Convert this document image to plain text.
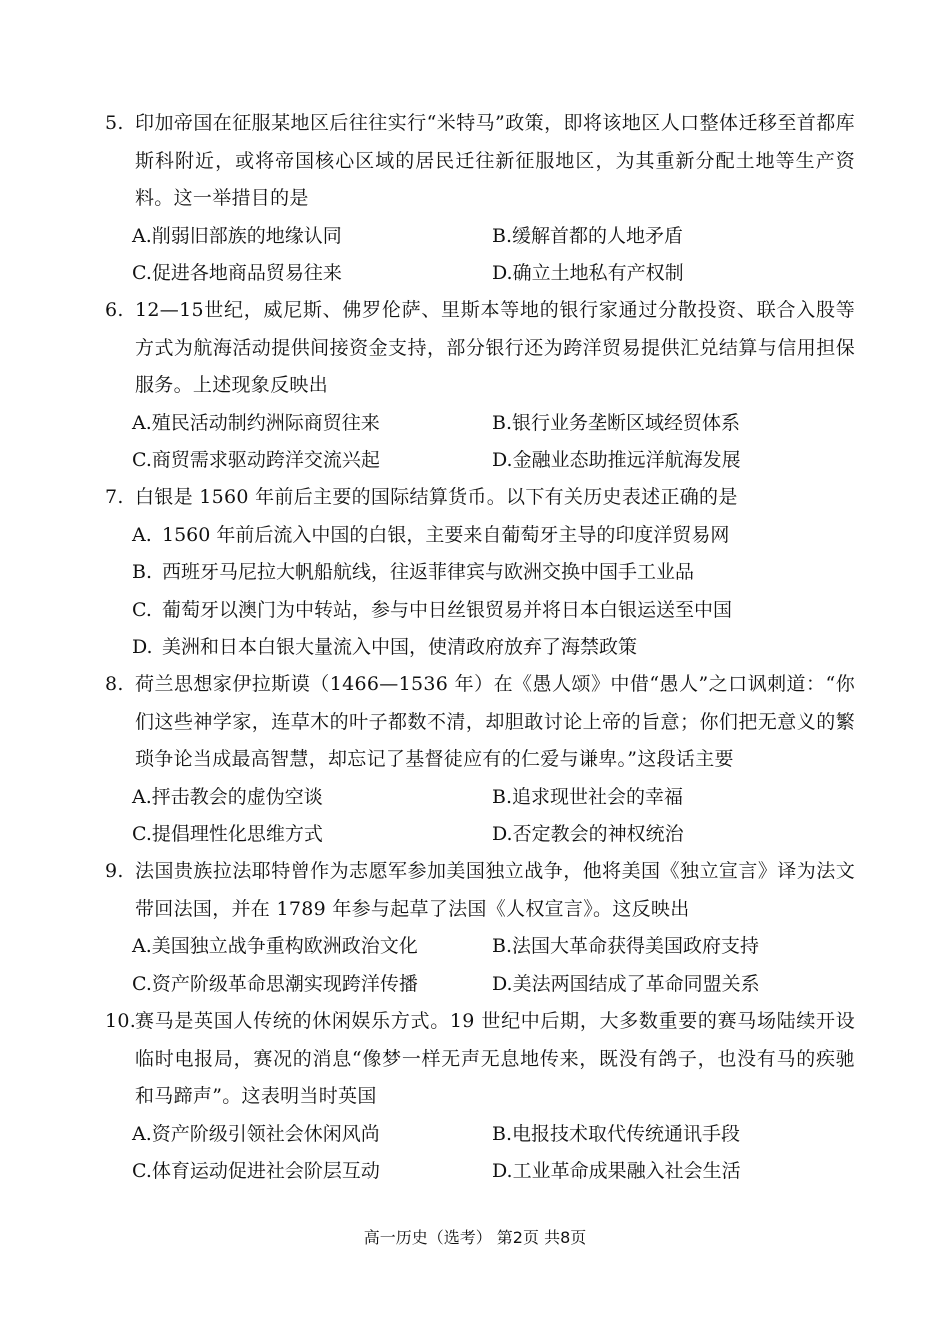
5. 印加帝国在征服某地区后往往实行“米特马”政策，即将该地区人口整体迁移至首都库斯科附近，或将帝国核心区域的居民迁往新征服地区，为其重新分配土地等生产资料。这一举措目的是
A.削弱旧部族的地缘认同	B.缓解首都的人地矛盾
C.促进各地商品贸易往来	D.确立土地私有产权制
6. 12—15世纪，威尼斯、佛罗伦萨、里斯本等地的银行家通过分散投资、联合入股等方式为航海活动提供间接资金支持，部分银行还为跨洋贸易提供汇兑结算与信用担保服务。上述现象反映出
A.殖民活动制约洲际商贸往来	B.银行业务垄断区域经贸体系
C.商贸需求驱动跨洋交流兴起	D.金融业态助推远洋航海发展
7. 白银是 1560 年前后主要的国际结算货币。以下有关历史表述正确的是
A. 1560 年前后流入中国的白银，主要来自葡萄牙主导的印度洋贸易网
B. 西班牙马尼拉大帆船航线，往返菲律宾与欧洲交换中国手工业品
C. 葡萄牙以澳门为中转站，参与中日丝银贸易并将日本白银运送至中国
D. 美洲和日本白银大量流入中国，使清政府放弃了海禁政策
8. 荷兰思想家伊拉斯谟（1466—1536 年）在《愚人颂》中借“愚人”之口讽刺道：“你们这些神学家，连草木的叶子都数不清，却胆敢讨论上帝的旨意；你们把无意义的繁琐争论当成最高智慧，却忘记了基督徒应有的仁爱与谦卑。”这段话主要
A.抨击教会的虚伪空谈	B.追求现世社会的幸福
C.提倡理性化思维方式	D.否定教会的神权统治
9. 法国贵族拉法耶特曾作为志愿军参加美国独立战争，他将美国《独立宣言》译为法文带回法国，并在 1789 年参与起草了法国《人权宣言》。这反映出
A.美国独立战争重构欧洲政治文化	B.法国大革命获得美国政府支持
C.资产阶级革命思潮实现跨洋传播	D.美法两国结成了革命同盟关系
10.
赛马是英国人传统的休闲娱乐方式。19 世纪中后期，大多数重要的赛马场陆续开设临时电报局，赛况的消息“像梦一样无声无息地传来，既没有鸽子，也没有马的疾驰和马蹄声”。这表明当时英国
A.资产阶级引领社会休闲风尚	B.电报技术取代传统通讯手段
C.体育运动促进社会阶层互动	D.工业革命成果融入社会生活
高一历史（选考） 第2页 共8页
